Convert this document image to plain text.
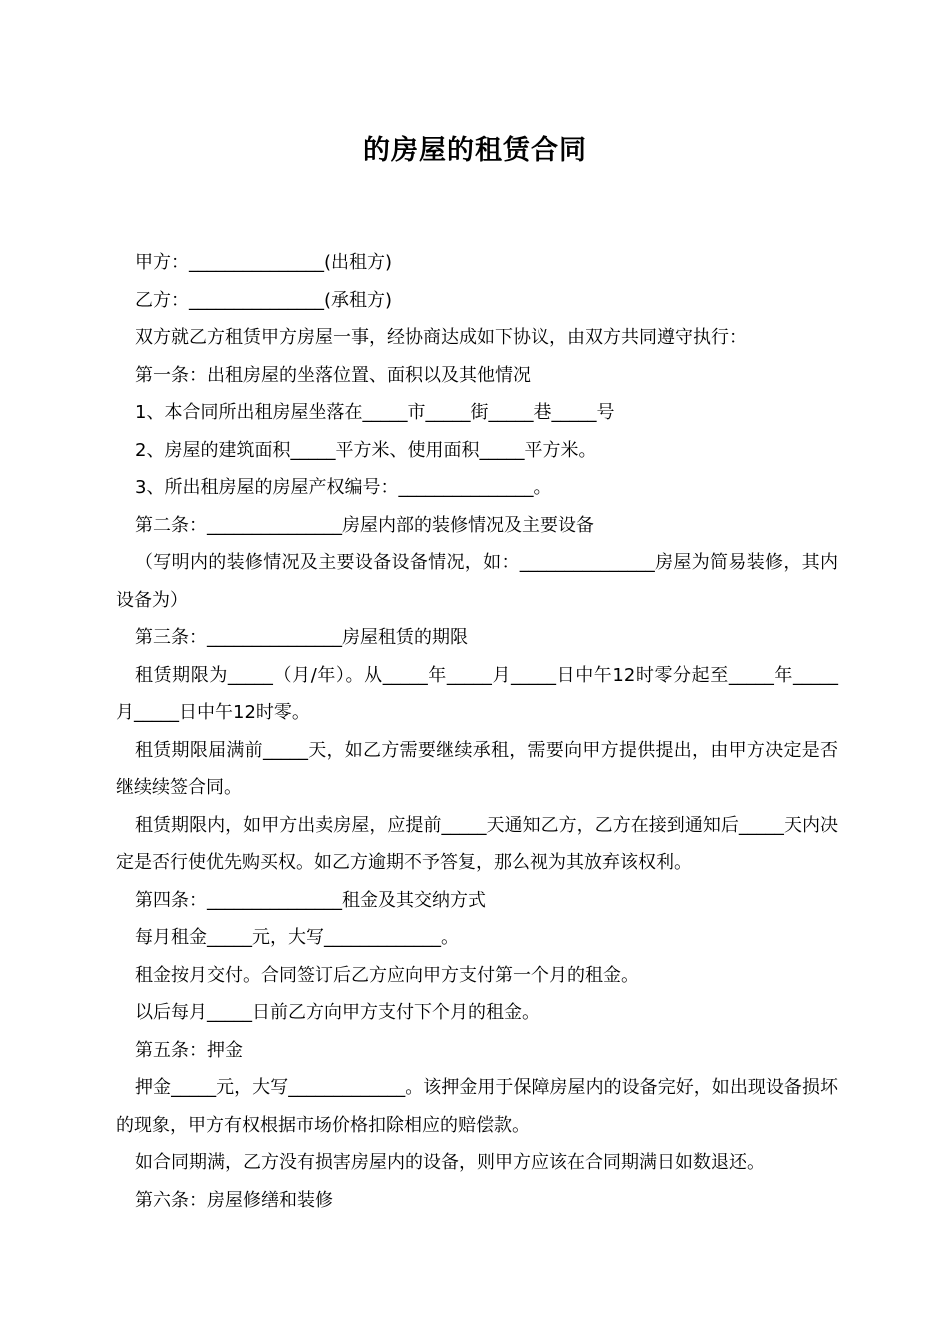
的房屋的租赁合同

甲方：_______________(出租方)

乙方：_______________(承租方)

双方就乙方租赁甲方房屋一事，经协商达成如下协议，由双方共同遵守执行：

第一条：出租房屋的坐落位置、面积以及其他情况

1、本合同所出租房屋坐落在_____市_____街_____巷_____号

2、房屋的建筑面积_____平方米、使用面积_____平方米。

3、所出租房屋的房屋产权编号：_______________。

第二条：_______________房屋内部的装修情况及主要设备

（写明内的装修情况及主要设备设备情况，如：_______________房屋为简易装修，其内设备为）

第三条：_______________房屋租赁的期限

租赁期限为_____（月/年）。从_____年_____月_____日中午12时零分起至_____年_____月_____日中午12时零。

租赁期限届满前_____天，如乙方需要继续承租，需要向甲方提供提出，由甲方决定是否继续续签合同。

租赁期限内，如甲方出卖房屋，应提前_____天通知乙方，乙方在接到通知后_____天内决定是否行使优先购买权。如乙方逾期不予答复，那么视为其放弃该权利。

第四条：_______________租金及其交纳方式

每月租金_____元，大写_____________。

租金按月交付。合同签订后乙方应向甲方支付第一个月的租金。

以后每月_____日前乙方向甲方支付下个月的租金。

第五条：押金

押金_____元，大写_____________。该押金用于保障房屋内的设备完好，如出现设备损坏的现象，甲方有权根据市场价格扣除相应的赔偿款。

如合同期满，乙方没有损害房屋内的设备，则甲方应该在合同期满日如数退还。

第六条：房屋修缮和装修
